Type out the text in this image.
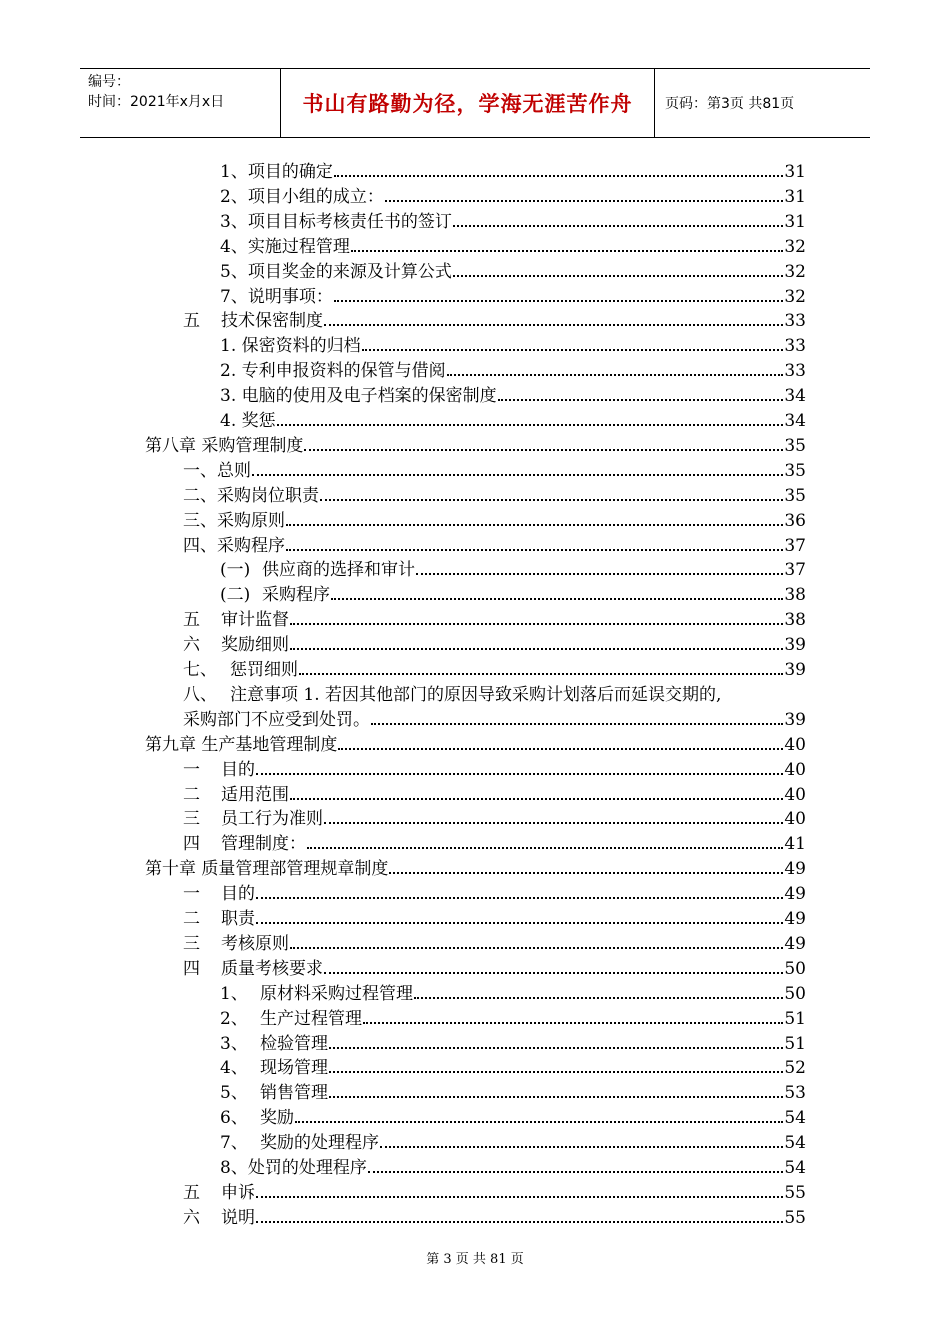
编号：
时间：2021年x月x日	书山有路勤为径，学海无涯苦作舟	页码：第3页 共81页
1、项目的确定	31
2、项目小组的成立：	31
3、项目目标考核责任书的签订	31
4、实施过程管理	32
5、项目奖金的来源及计算公式	32
7、说明事项：	32
五	技术保密制度	33
1. 保密资料的归档	33
2. 专利申报资料的保管与借阅	33
3. 电脑的使用及电子档案的保密制度	34
4. 奖惩	34
第八章 采购管理制度	35
一、总则	35
二、采购岗位职责	35
三、采购原则	36
四、采购程序	37
(一) 供应商的选择和审计	37
(二) 采购程序	38
五	审计监督	38
六	奖励细则	39
七、 惩罚细则	39
八、 注意事项 1. 若因其他部门的原因导致采购计划落后而延误交期的,
采购部门不应受到处罚。	39
第九章 生产基地管理制度	40
一	目的	40
二	适用范围	40
三	员工行为准则	40
四	管理制度：	41
第十章 质量管理部管理规章制度	49
一	目的	49
二	职责	49
三	考核原则	49
四	质量考核要求	50
1、 原材料采购过程管理	50
2、 生产过程管理	51
3、 检验管理	51
4、 现场管理	52
5、 销售管理	53
6、 奖励	54
7、 奖励的处理程序	54
8、处罚的处理程序	54
五	申诉	55
六	说明	55
第 3 页 共 81 页
